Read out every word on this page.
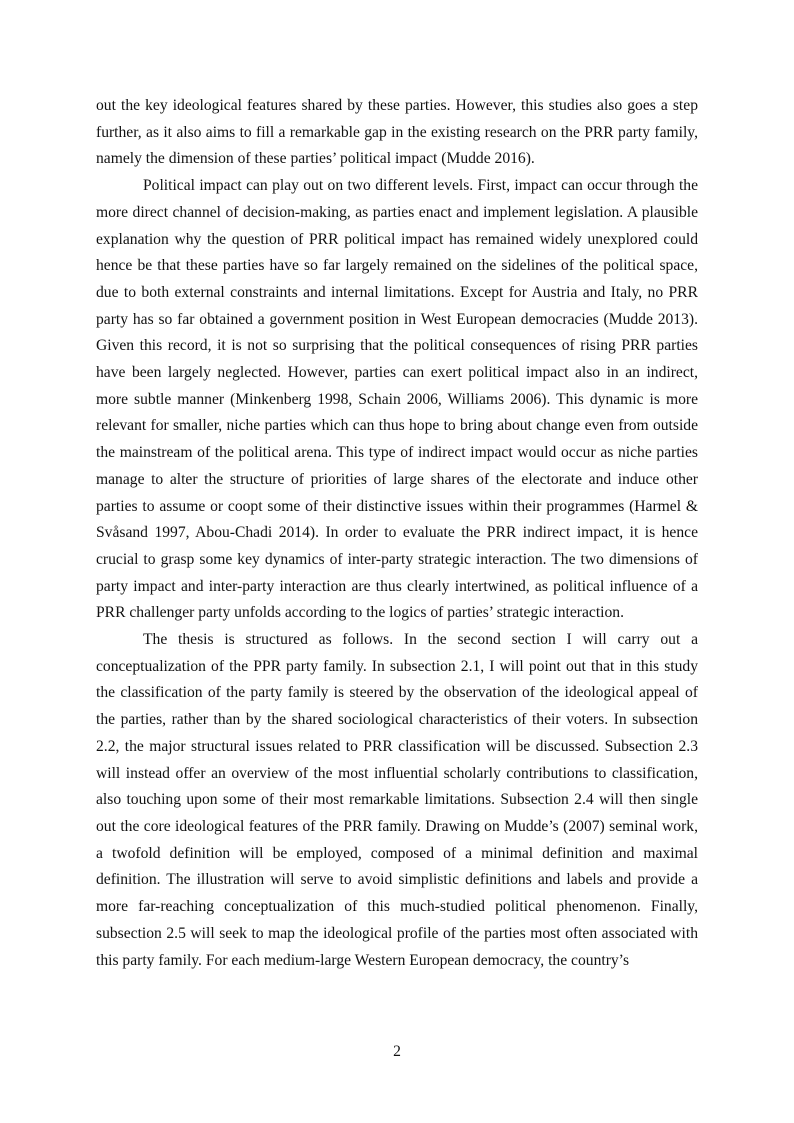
out the key ideological features shared by these parties. However, this studies also goes a step further, as it also aims to fill a remarkable gap in the existing research on the PRR party family, namely the dimension of these parties’ political impact (Mudde 2016).

Political impact can play out on two different levels. First, impact can occur through the more direct channel of decision-making, as parties enact and implement legislation. A plausible explanation why the question of PRR political impact has remained widely unexplored could hence be that these parties have so far largely remained on the sidelines of the political space, due to both external constraints and internal limitations. Except for Austria and Italy, no PRR party has so far obtained a government position in West European democracies (Mudde 2013). Given this record, it is not so surprising that the political consequences of rising PRR parties have been largely neglected. However, parties can exert political impact also in an indirect, more subtle manner (Minkenberg 1998, Schain 2006, Williams 2006). This dynamic is more relevant for smaller, niche parties which can thus hope to bring about change even from outside the mainstream of the political arena. This type of indirect impact would occur as niche parties manage to alter the structure of priorities of large shares of the electorate and induce other parties to assume or coopt some of their distinctive issues within their programmes (Harmel & Svåsand 1997, Abou-Chadi 2014). In order to evaluate the PRR indirect impact, it is hence crucial to grasp some key dynamics of inter-party strategic interaction. The two dimensions of party impact and inter-party interaction are thus clearly intertwined, as political influence of a PRR challenger party unfolds according to the logics of parties’ strategic interaction.

The thesis is structured as follows. In the second section I will carry out a conceptualization of the PPR party family. In subsection 2.1, I will point out that in this study the classification of the party family is steered by the observation of the ideological appeal of the parties, rather than by the shared sociological characteristics of their voters. In subsection 2.2, the major structural issues related to PRR classification will be discussed. Subsection 2.3 will instead offer an overview of the most influential scholarly contributions to classification, also touching upon some of their most remarkable limitations. Subsection 2.4 will then single out the core ideological features of the PRR family. Drawing on Mudde’s (2007) seminal work, a twofold definition will be employed, composed of a minimal definition and maximal definition. The illustration will serve to avoid simplistic definitions and labels and provide a more far-reaching conceptualization of this much-studied political phenomenon. Finally, subsection 2.5 will seek to map the ideological profile of the parties most often associated with this party family. For each medium-large Western European democracy, the country’s

2
